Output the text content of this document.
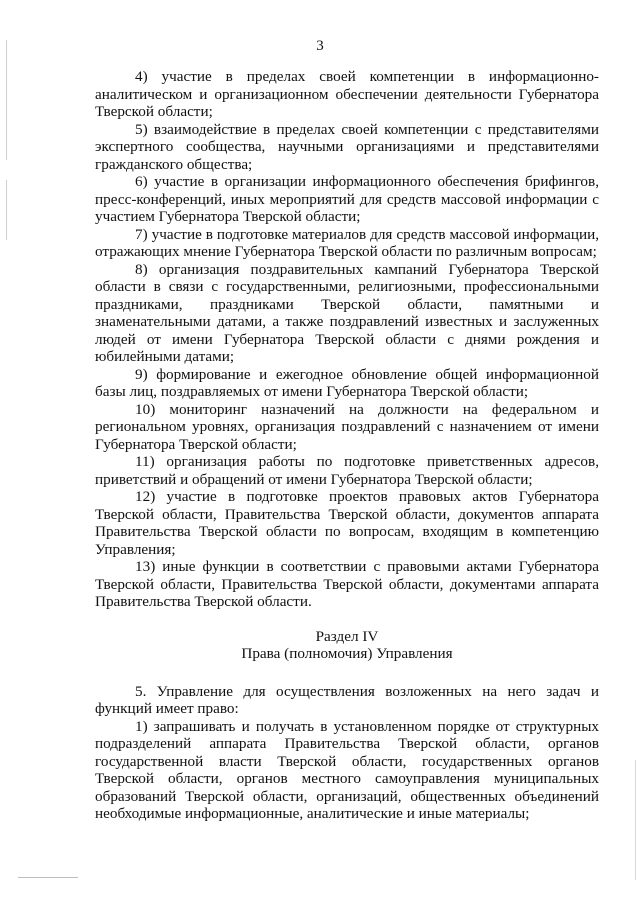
3

4) участие в пределах своей компетенции в информационно-аналитическом и организационном обеспечении деятельности Губернатора Тверской области;

5) взаимодействие в пределах своей компетенции с представителями экспертного сообщества, научными организациями и представителями гражданского общества;

6) участие в организации информационного обеспечения брифингов, пресс-конференций, иных мероприятий для средств массовой информации с участием Губернатора Тверской области;

7) участие в подготовке материалов для средств массовой информации, отражающих мнение Губернатора Тверской области по различным вопросам;

8) организация поздравительных кампаний Губернатора Тверской области в связи с государственными, религиозными, профессиональными праздниками, праздниками Тверской области, памятными и знаменательными датами, а также поздравлений известных и заслуженных людей от имени Губернатора Тверской области с днями рождения и юбилейными датами;

9) формирование и ежегодное обновление общей информационной базы лиц, поздравляемых от имени Губернатора Тверской области;

10) мониторинг назначений на должности на федеральном и региональном уровнях, организация поздравлений с назначением от имени Губернатора Тверской области;

11) организация работы по подготовке приветственных адресов, приветствий и обращений от имени Губернатора Тверской области;

12) участие в подготовке проектов правовых актов Губернатора Тверской области, Правительства Тверской области, документов аппарата Правительства Тверской области по вопросам, входящим в компетенцию Управления;

13) иные функции в соответствии с правовыми актами Губернатора Тверской области, Правительства Тверской области, документами аппарата Правительства Тверской области.

Раздел IV

Права (полномочия) Управления

5. Управление для осуществления возложенных на него задач и функций имеет право:

1) запрашивать и получать в установленном порядке от структурных подразделений аппарата Правительства Тверской области, органов государственной власти Тверской области, государственных органов Тверской области, органов местного самоуправления муниципальных образований Тверской области, организаций, общественных объединений необходимые информационные, аналитические и иные материалы;
